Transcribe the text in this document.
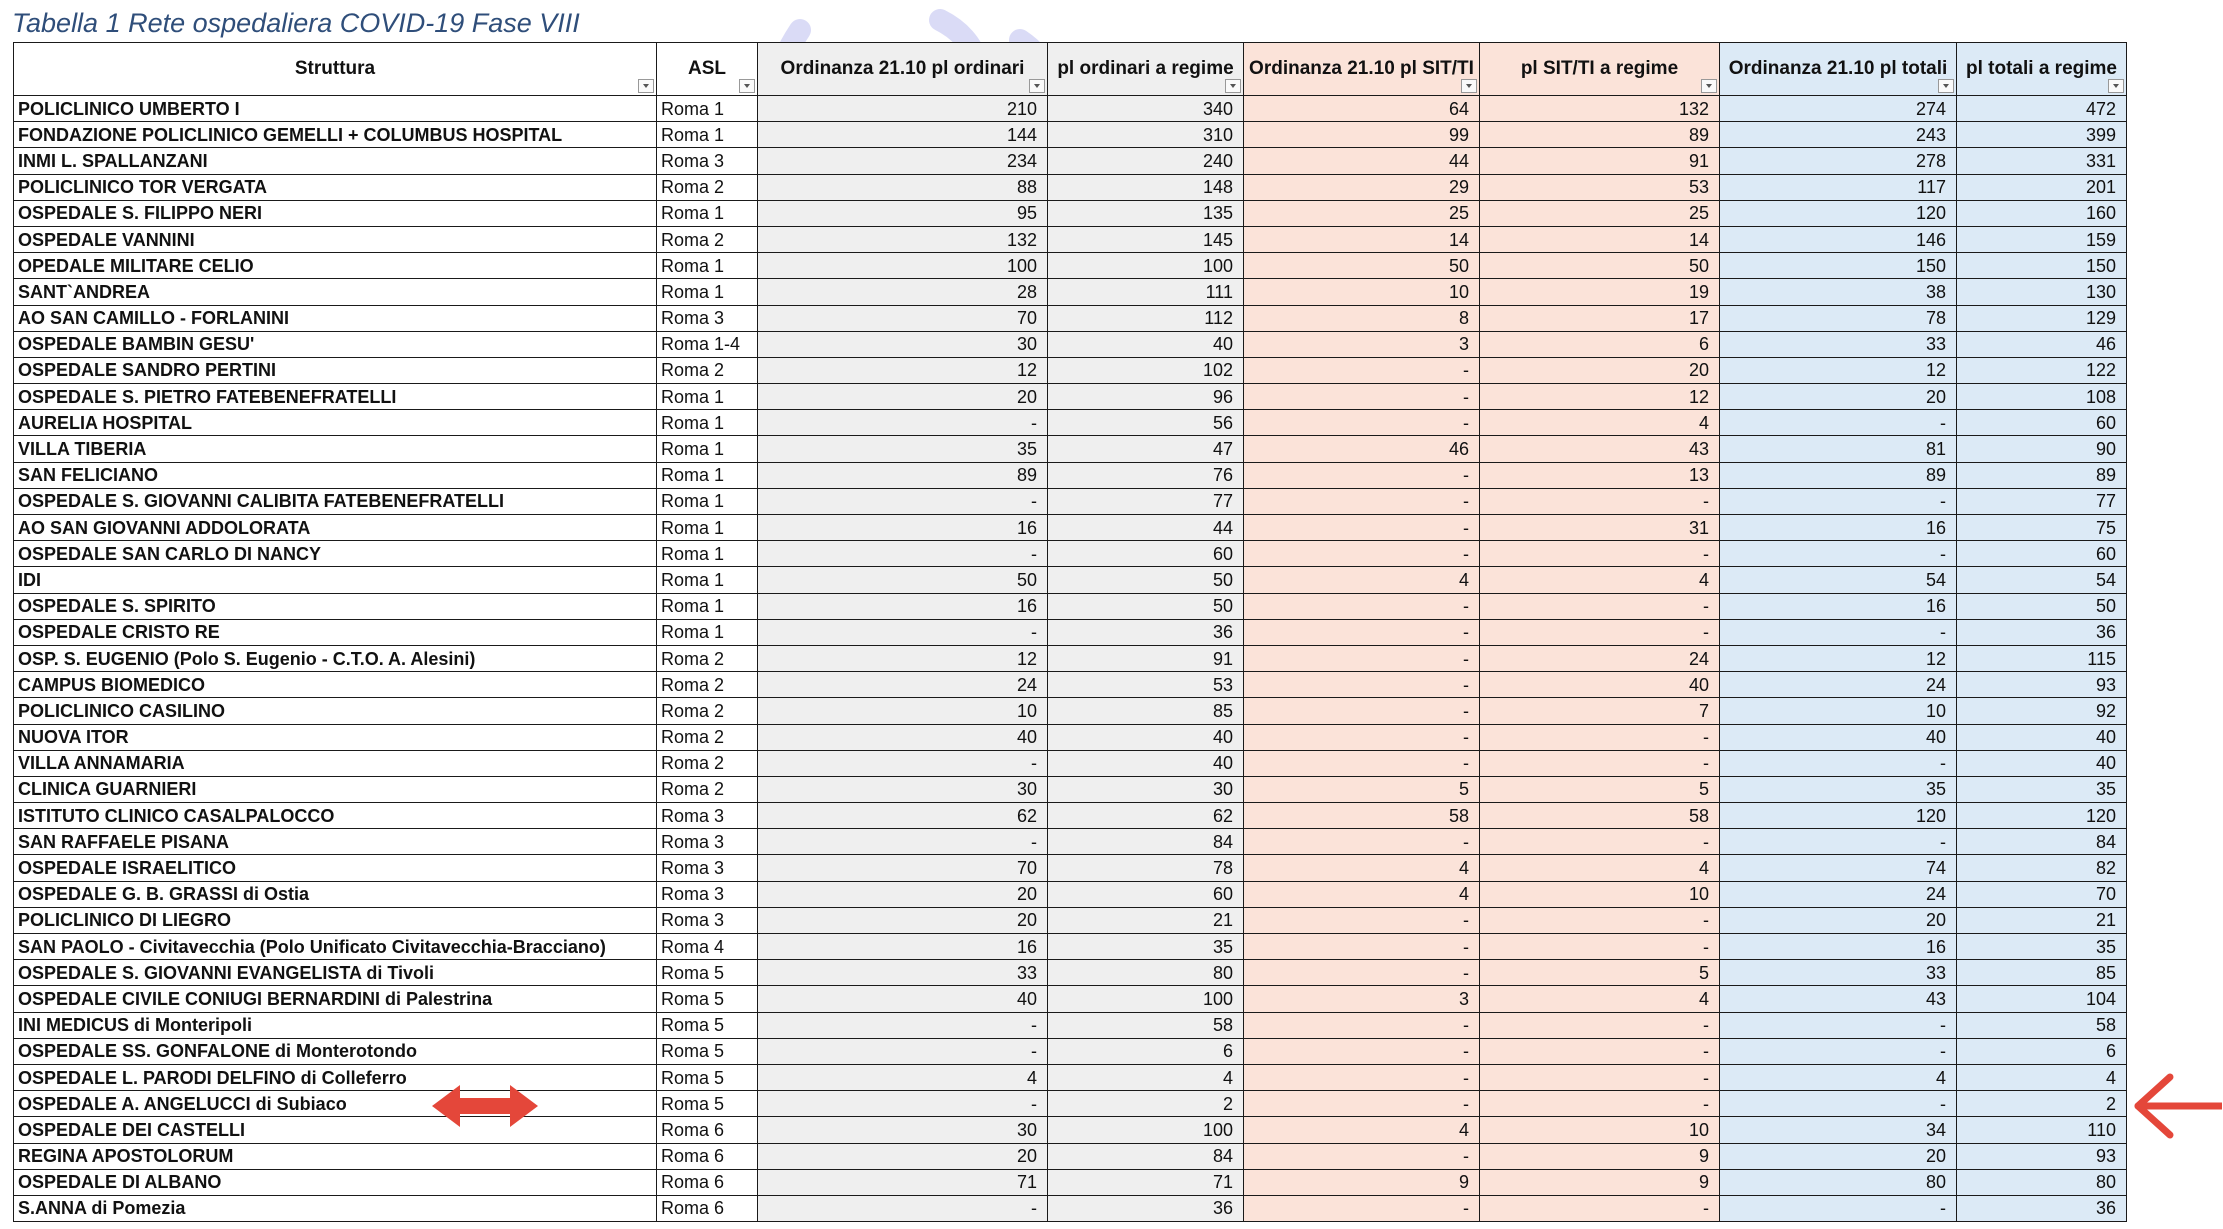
Tabella 1 Rete ospedaliera COVID-19 Fase VIII
Struttura	ASL	Ordinanza 21.10 pl ordinari	pl ordinari a regime	Ordinanza 21.10 pl SIT/TI	pl SIT/TI a regime	Ordinanza 21.10 pl totali	pl totali a regime

POLICLINICO UMBERTO I	Roma 1	210	340	64	132	274	472
FONDAZIONE POLICLINICO GEMELLI + COLUMBUS HOSPITAL	Roma 1	144	310	99	89	243	399
INMI L. SPALLANZANI	Roma 3	234	240	44	91	278	331
POLICLINICO TOR VERGATA	Roma 2	88	148	29	53	117	201
OSPEDALE S. FILIPPO NERI	Roma 1	95	135	25	25	120	160
OSPEDALE VANNINI	Roma 2	132	145	14	14	146	159
OPEDALE MILITARE CELIO	Roma 1	100	100	50	50	150	150
SANT`ANDREA	Roma 1	28	111	10	19	38	130
AO SAN CAMILLO - FORLANINI	Roma 3	70	112	8	17	78	129
OSPEDALE BAMBIN GESU'	Roma 1-4	30	40	3	6	33	46
OSPEDALE SANDRO PERTINI	Roma 2	12	102	-	20	12	122
OSPEDALE S. PIETRO FATEBENEFRATELLI	Roma 1	20	96	-	12	20	108
AURELIA HOSPITAL	Roma 1	-	56	-	4	-	60
VILLA TIBERIA	Roma 1	35	47	46	43	81	90
SAN FELICIANO	Roma 1	89	76	-	13	89	89
OSPEDALE S. GIOVANNI CALIBITA FATEBENEFRATELLI	Roma 1	-	77	-	-	-	77
AO SAN GIOVANNI ADDOLORATA	Roma 1	16	44	-	31	16	75
OSPEDALE SAN CARLO DI NANCY	Roma 1	-	60	-	-	-	60
IDI	Roma 1	50	50	4	4	54	54
OSPEDALE S. SPIRITO	Roma 1	16	50	-	-	16	50
OSPEDALE CRISTO RE	Roma 1	-	36	-	-	-	36
OSP. S. EUGENIO (Polo S. Eugenio - C.T.O. A. Alesini)	Roma 2	12	91	-	24	12	115
CAMPUS BIOMEDICO	Roma 2	24	53	-	40	24	93
POLICLINICO CASILINO	Roma 2	10	85	-	7	10	92
NUOVA ITOR	Roma 2	40	40	-	-	40	40
VILLA ANNAMARIA	Roma 2	-	40	-	-	-	40
CLINICA GUARNIERI	Roma 2	30	30	5	5	35	35
ISTITUTO CLINICO CASALPALOCCO	Roma 3	62	62	58	58	120	120
SAN RAFFAELE PISANA	Roma 3	-	84	-	-	-	84
OSPEDALE ISRAELITICO	Roma 3	70	78	4	4	74	82
OSPEDALE G. B. GRASSI di Ostia	Roma 3	20	60	4	10	24	70
POLICLINICO DI LIEGRO	Roma 3	20	21	-	-	20	21
SAN PAOLO - Civitavecchia (Polo Unificato Civitavecchia-Bracciano)	Roma 4	16	35	-	-	16	35
OSPEDALE S. GIOVANNI EVANGELISTA di Tivoli	Roma 5	33	80	-	5	33	85
OSPEDALE CIVILE CONIUGI BERNARDINI di Palestrina	Roma 5	40	100	3	4	43	104
INI MEDICUS di Monteripoli	Roma 5	-	58	-	-	-	58
OSPEDALE SS. GONFALONE di Monterotondo	Roma 5	-	6	-	-	-	6
OSPEDALE L. PARODI DELFINO di Colleferro	Roma 5	4	4	-	-	4	4
OSPEDALE A. ANGELUCCI di Subiaco	Roma 5	-	2	-	-	-	2
OSPEDALE DEI CASTELLI	Roma 6	30	100	4	10	34	110
REGINA APOSTOLORUM	Roma 6	20	84	-	9	20	93
OSPEDALE DI ALBANO	Roma 6	71	71	9	9	80	80
S.ANNA di Pomezia	Roma 6	-	36	-	-	-	36
